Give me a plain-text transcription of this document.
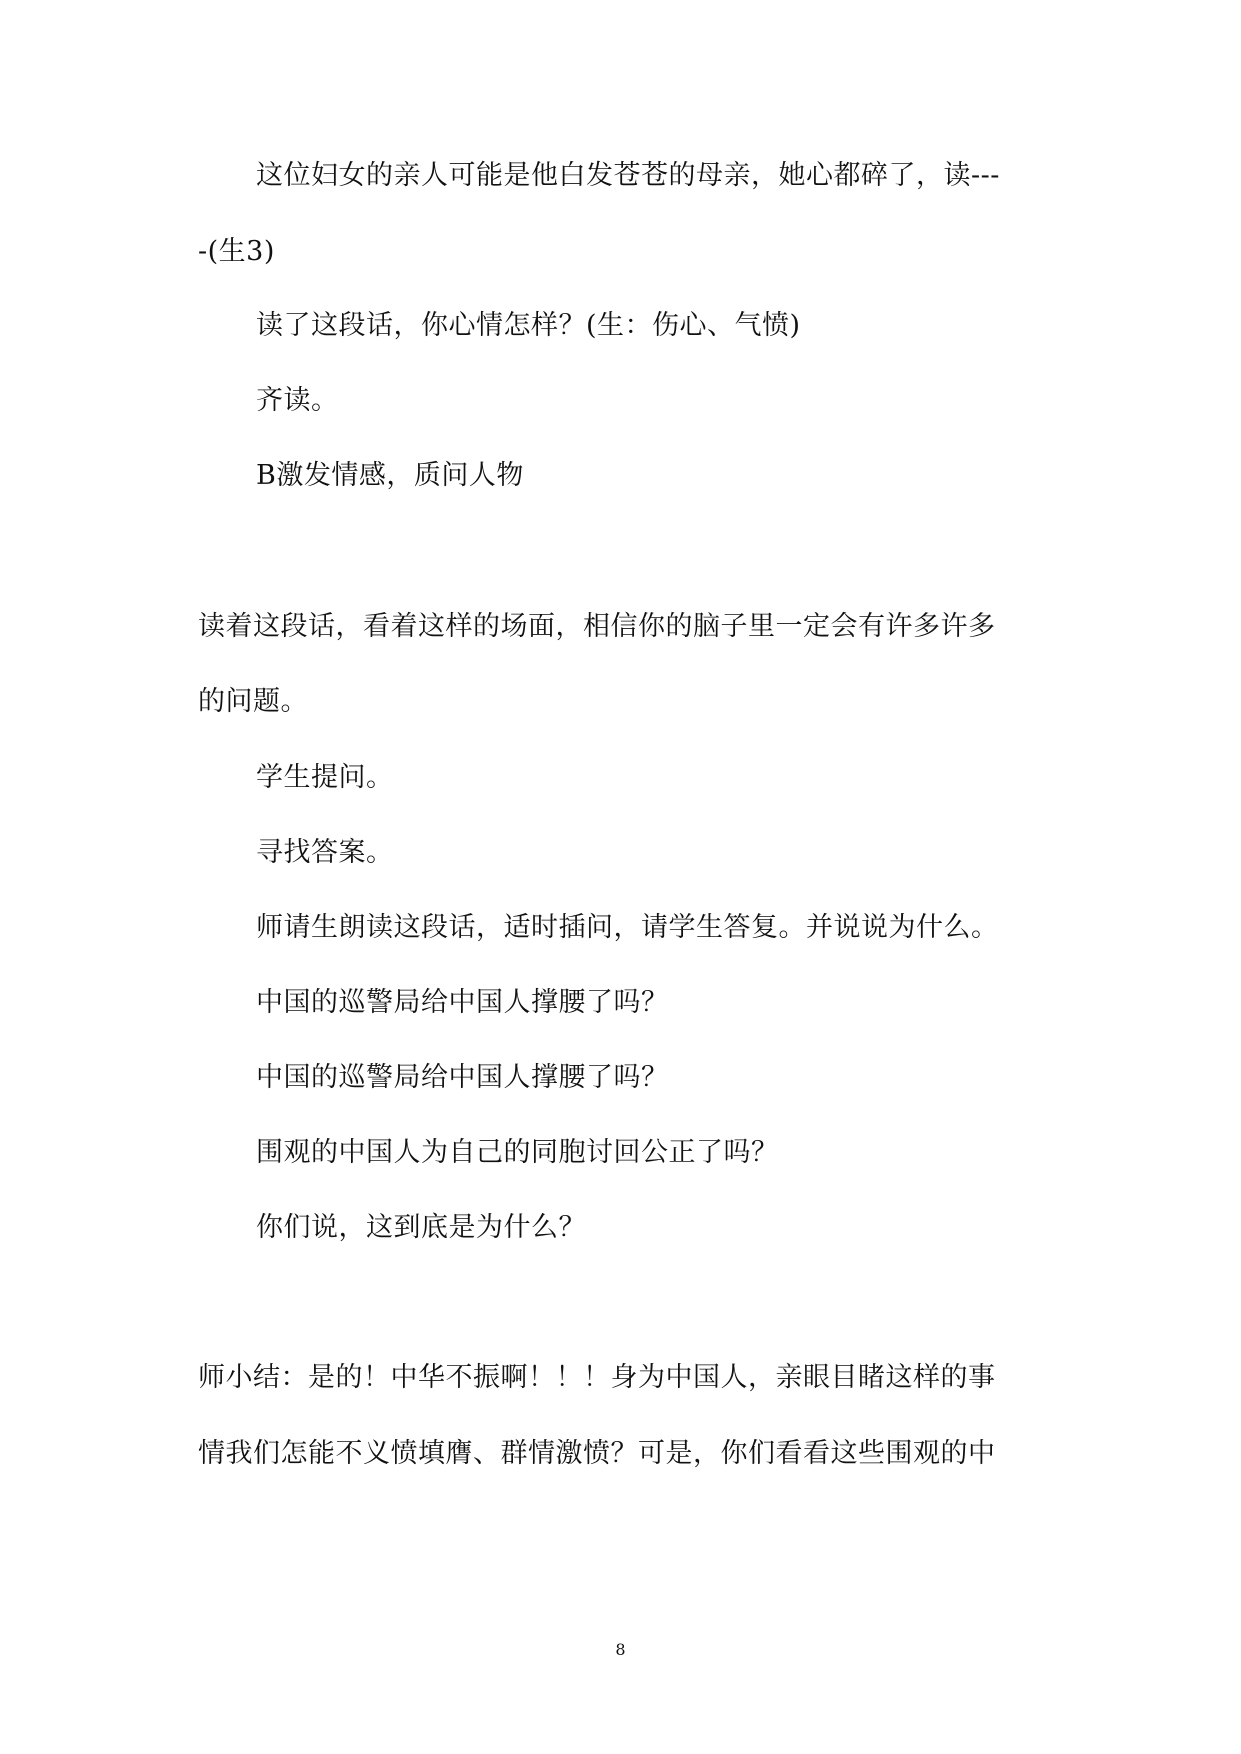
这位妇女的亲人可能是他白发苍苍的母亲，她心都碎了，读---
-(生3)
读了这段话，你心情怎样？(生：伤心、气愤)
齐读。
B激发情感，质问人物
读着这段话，看着这样的场面，相信你的脑子里一定会有许多许多
的问题。
学生提问。
寻找答案。
师请生朗读这段话，适时插问，请学生答复。并说说为什么。
中国的巡警局给中国人撑腰了吗？
中国的巡警局给中国人撑腰了吗？
围观的中国人为自己的同胞讨回公正了吗？
你们说，这到底是为什么？
师小结：是的！中华不振啊！！！身为中国人，亲眼目睹这样的事
情我们怎能不义愤填膺、群情激愤？可是，你们看看这些围观的中
8
